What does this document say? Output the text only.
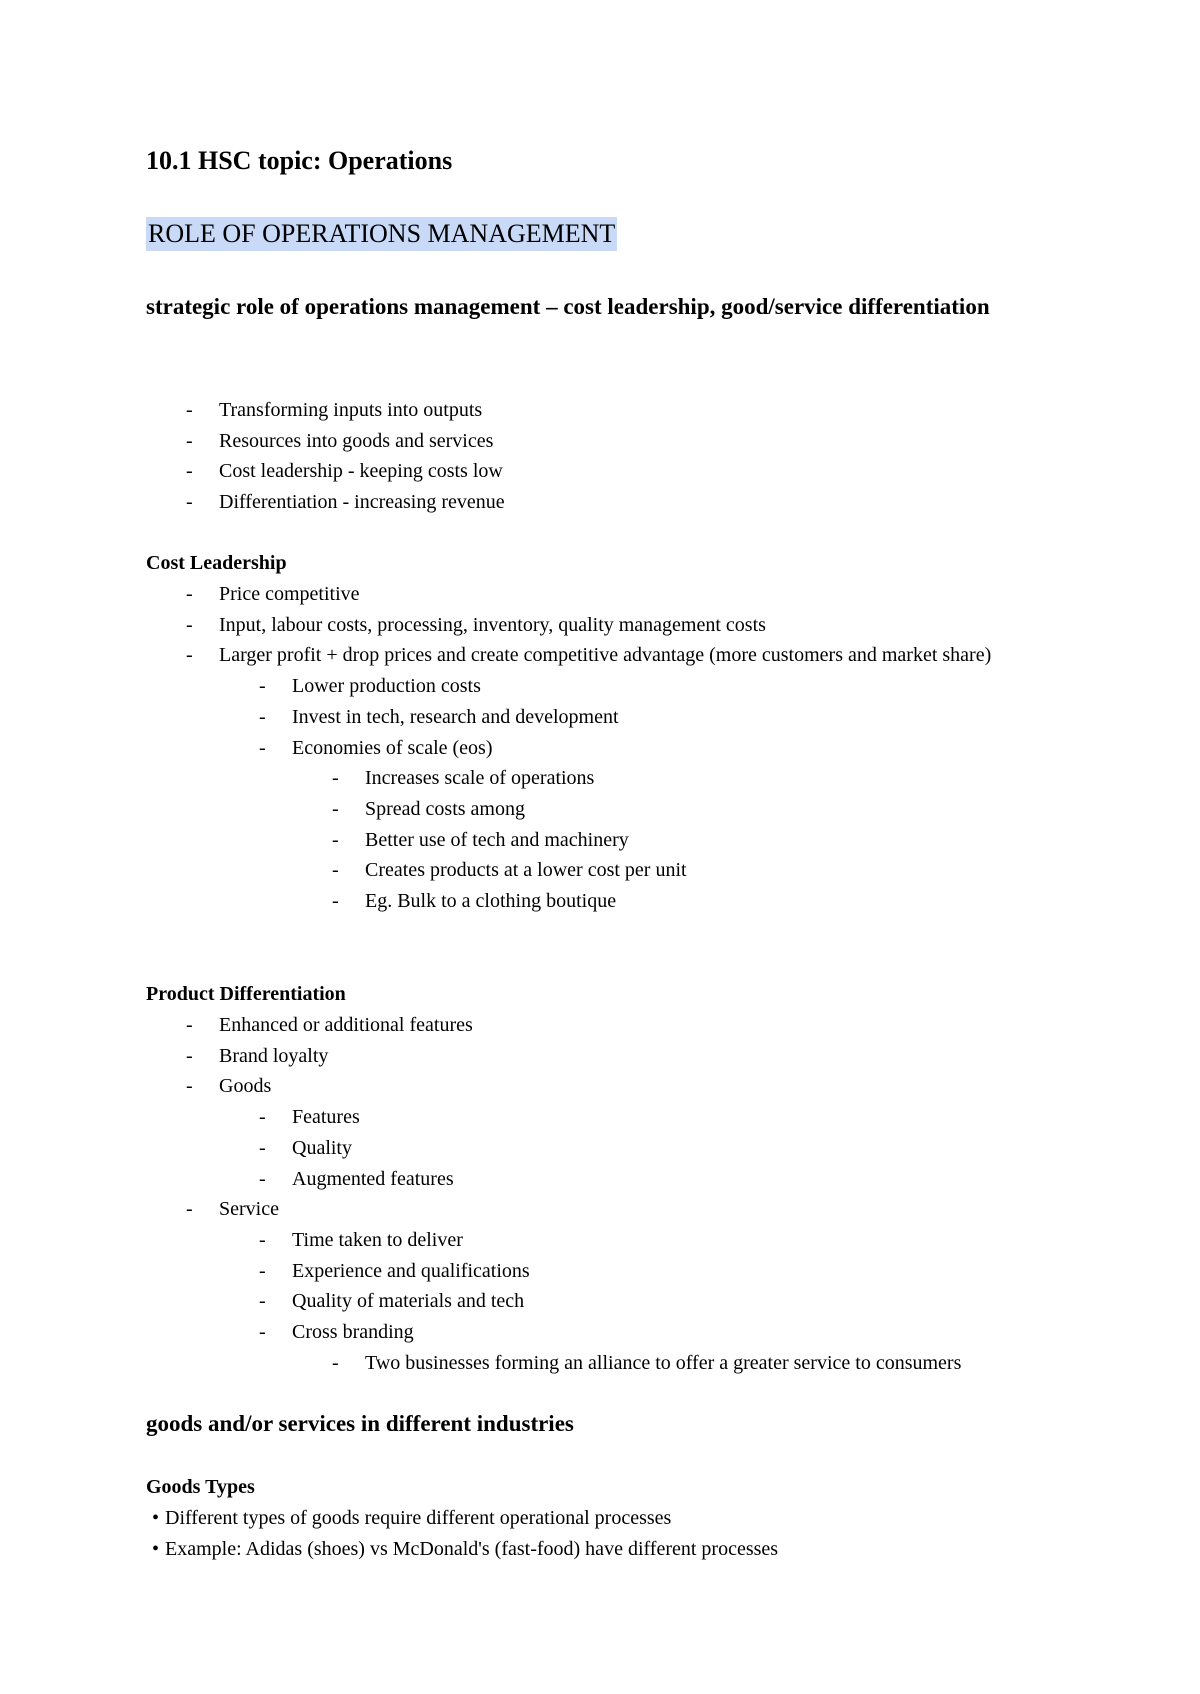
10.1 HSC topic: Operations
ROLE OF OPERATIONS MANAGEMENT
strategic role of operations management – cost leadership, good/service differentiation
- Transforming inputs into outputs
- Resources into goods and services
- Cost leadership - keeping costs low
- Differentiation - increasing revenue
Cost Leadership
- Price competitive
- Input, labour costs, processing, inventory, quality management costs
- Larger profit + drop prices and create competitive advantage (more customers and market share)
- Lower production costs
- Invest in tech, research and development
- Economies of scale (eos)
- Increases scale of operations
- Spread costs among
- Better use of tech and machinery
- Creates products at a lower cost per unit
- Eg. Bulk to a clothing boutique
Product Differentiation
- Enhanced or additional features
- Brand loyalty
- Goods
- Features
- Quality
- Augmented features
- Service
- Time taken to deliver
- Experience and qualifications
- Quality of materials and tech
- Cross branding
- Two businesses forming an alliance to offer a greater service to consumers
goods and/or services in different industries
Goods Types
• Different types of goods require different operational processes
• Example: Adidas (shoes) vs McDonald's (fast-food) have different processes
